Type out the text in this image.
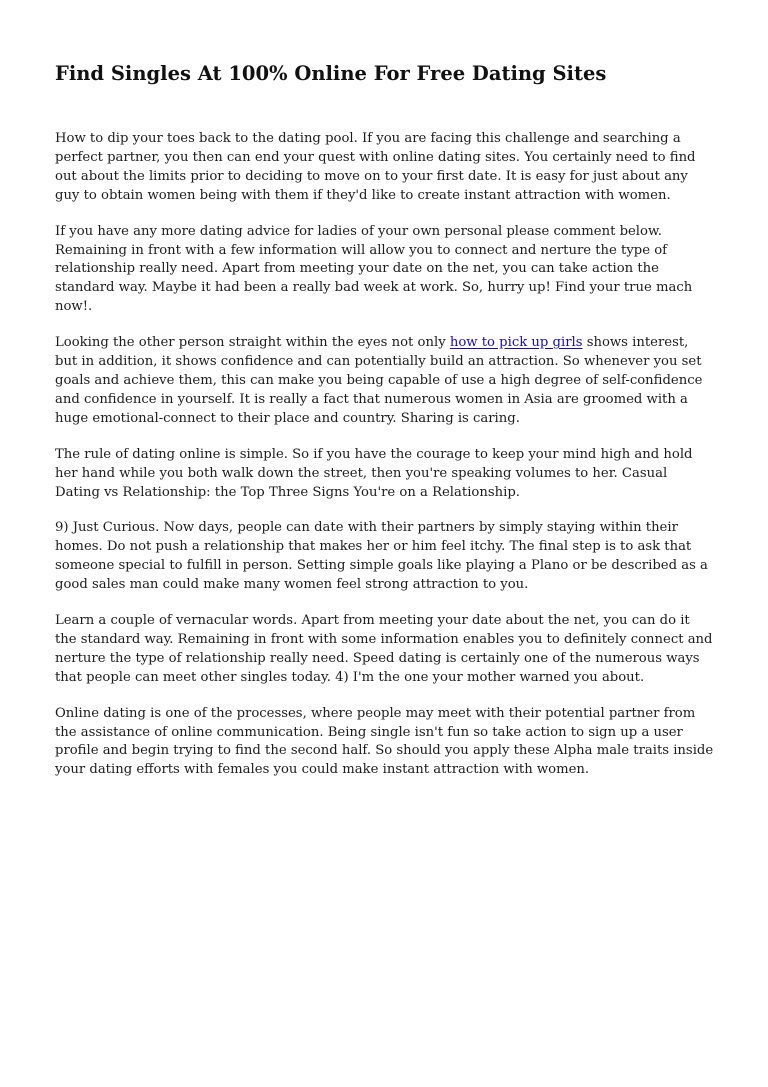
Find Singles At 100% Online For Free Dating Sites

How to dip your toes back to the dating pool. If you are facing this challenge and searching a perfect partner, you then can end your quest with online dating sites. You certainly need to find out about the limits prior to deciding to move on to your first date. It is easy for just about any guy to obtain women being with them if they'd like to create instant attraction with women.

If you have any more dating advice for ladies of your own personal please comment below. Remaining in front with a few information will allow you to connect and nerture the type of relationship really need. Apart from meeting your date on the net, you can take action the standard way. Maybe it had been a really bad week at work. So, hurry up! Find your true mach now!.

Looking the other person straight within the eyes not only how to pick up girls shows interest, but in addition, it shows confidence and can potentially build an attraction. So whenever you set goals and achieve them, this can make you being capable of use a high degree of self-confidence and confidence in yourself. It is really a fact that numerous women in Asia are groomed with a huge emotional-connect to their place and country. Sharing is caring.

The rule of dating online is simple. So if you have the courage to keep your mind high and hold her hand while you both walk down the street, then you're speaking volumes to her. Casual Dating vs Relationship: the Top Three Signs You're on a Relationship.

9) Just Curious. Now days, people can date with their partners by simply staying within their homes. Do not push a relationship that makes her or him feel itchy. The final step is to ask that someone special to fulfill in person. Setting simple goals like playing a Plano or be described as a good sales man could make many women feel strong attraction to you.

Learn a couple of vernacular words. Apart from meeting your date about the net, you can do it the standard way. Remaining in front with some information enables you to definitely connect and nerture the type of relationship really need. Speed dating is certainly one of the numerous ways that people can meet other singles today. 4) I'm the one your mother warned you about.

Online dating is one of the processes, where people may meet with their potential partner from the assistance of online communication. Being single isn't fun so take action to sign up a user profile and begin trying to find the second half. So should you apply these Alpha male traits inside your dating efforts with females you could make instant attraction with women.
